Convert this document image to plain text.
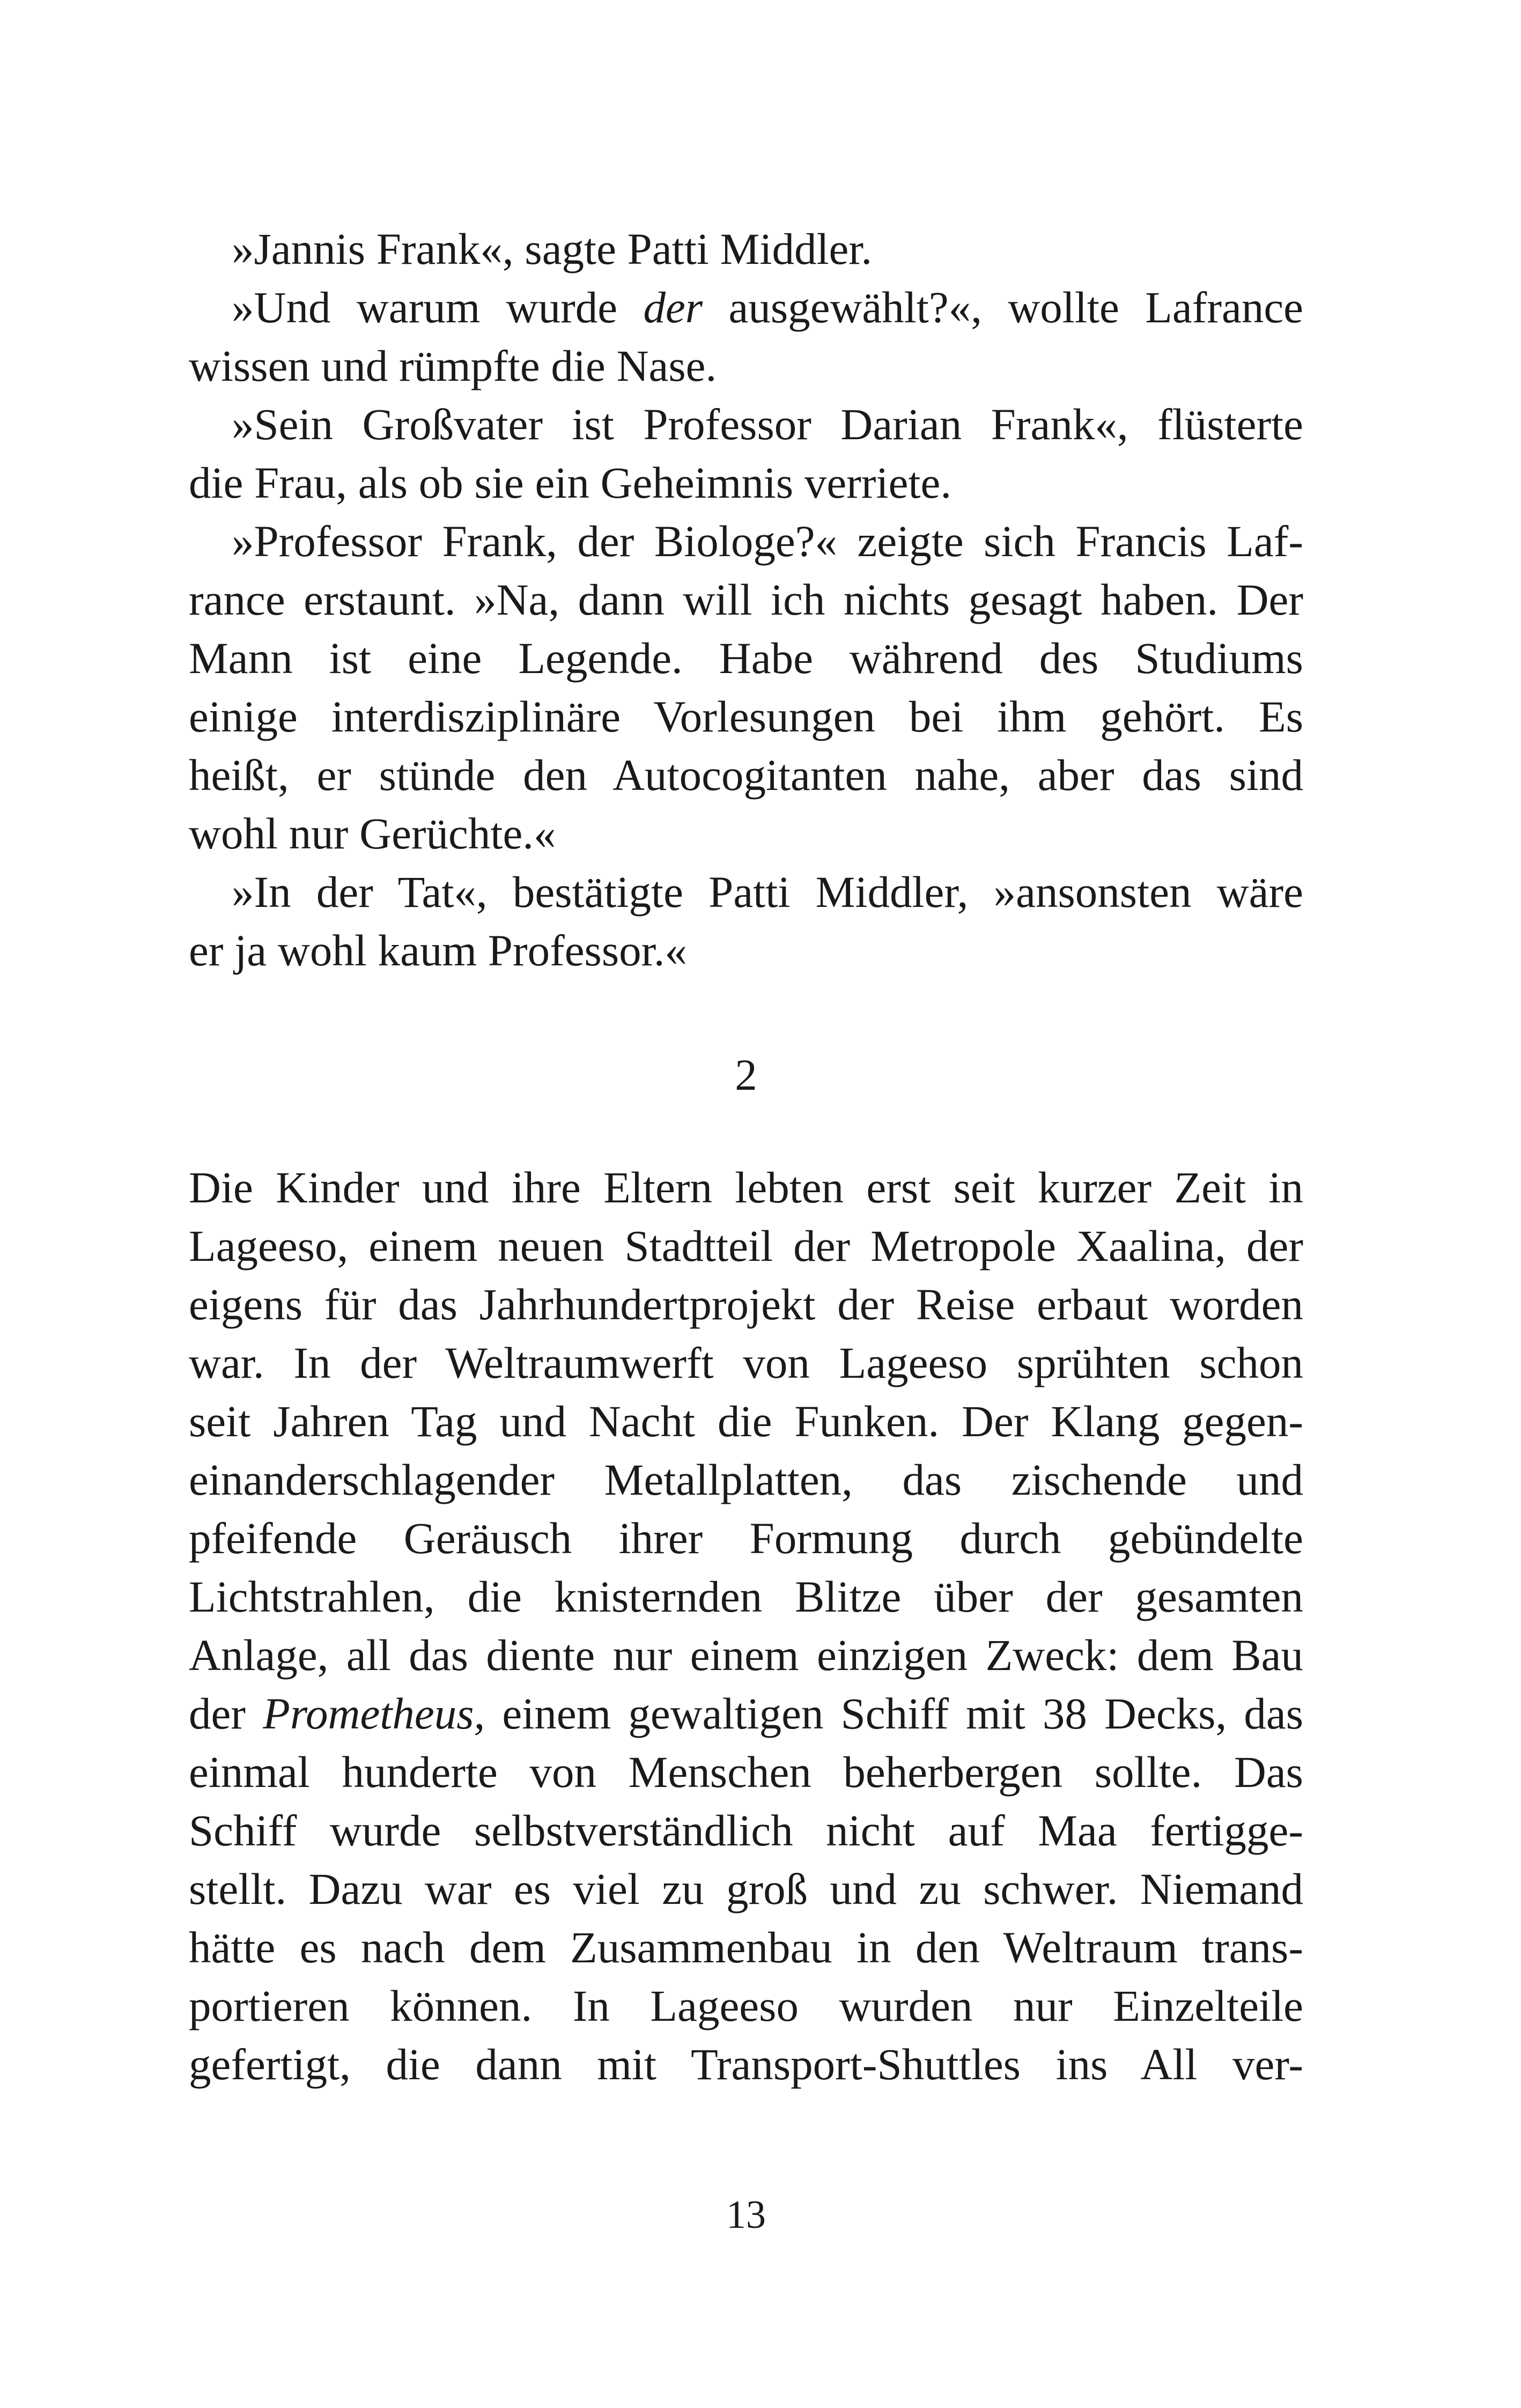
»Jannis Frank«, sagte Patti Middler.
»Und warum wurde der ausgewählt?«, wollte Lafrance
wissen und rümpfte die Nase.
»Sein Großvater ist Professor Darian Frank«, flüsterte
die Frau, als ob sie ein Geheimnis verriete.
»Professor Frank, der Biologe?« zeigte sich Francis Laf-
rance erstaunt. »Na, dann will ich nichts gesagt haben. Der
Mann ist eine Legende. Habe während des Studiums
einige interdisziplinäre Vorlesungen bei ihm gehört. Es
heißt, er stünde den Autocogitanten nahe, aber das sind
wohl nur Gerüchte.«
»In der Tat«, bestätigte Patti Middler, »ansonsten wäre
er ja wohl kaum Professor.«
2
Die Kinder und ihre Eltern lebten erst seit kurzer Zeit in
Lageeso, einem neuen Stadtteil der Metropole Xaalina, der
eigens für das Jahrhundertprojekt der Reise erbaut worden
war. In der Weltraumwerft von Lageeso sprühten schon
seit Jahren Tag und Nacht die Funken. Der Klang gegen-
einanderschlagender Metallplatten, das zischende und
pfeifende Geräusch ihrer Formung durch gebündelte
Lichtstrahlen, die knisternden Blitze über der gesamten
Anlage, all das diente nur einem einzigen Zweck: dem Bau
der Prometheus, einem gewaltigen Schiff mit 38 Decks, das
einmal hunderte von Menschen beherbergen sollte. Das
Schiff wurde selbstverständlich nicht auf Maa fertigge-
stellt. Dazu war es viel zu groß und zu schwer. Niemand
hätte es nach dem Zusammenbau in den Weltraum trans-
portieren können. In Lageeso wurden nur Einzelteile
gefertigt, die dann mit Transport-Shuttles ins All ver-
13
